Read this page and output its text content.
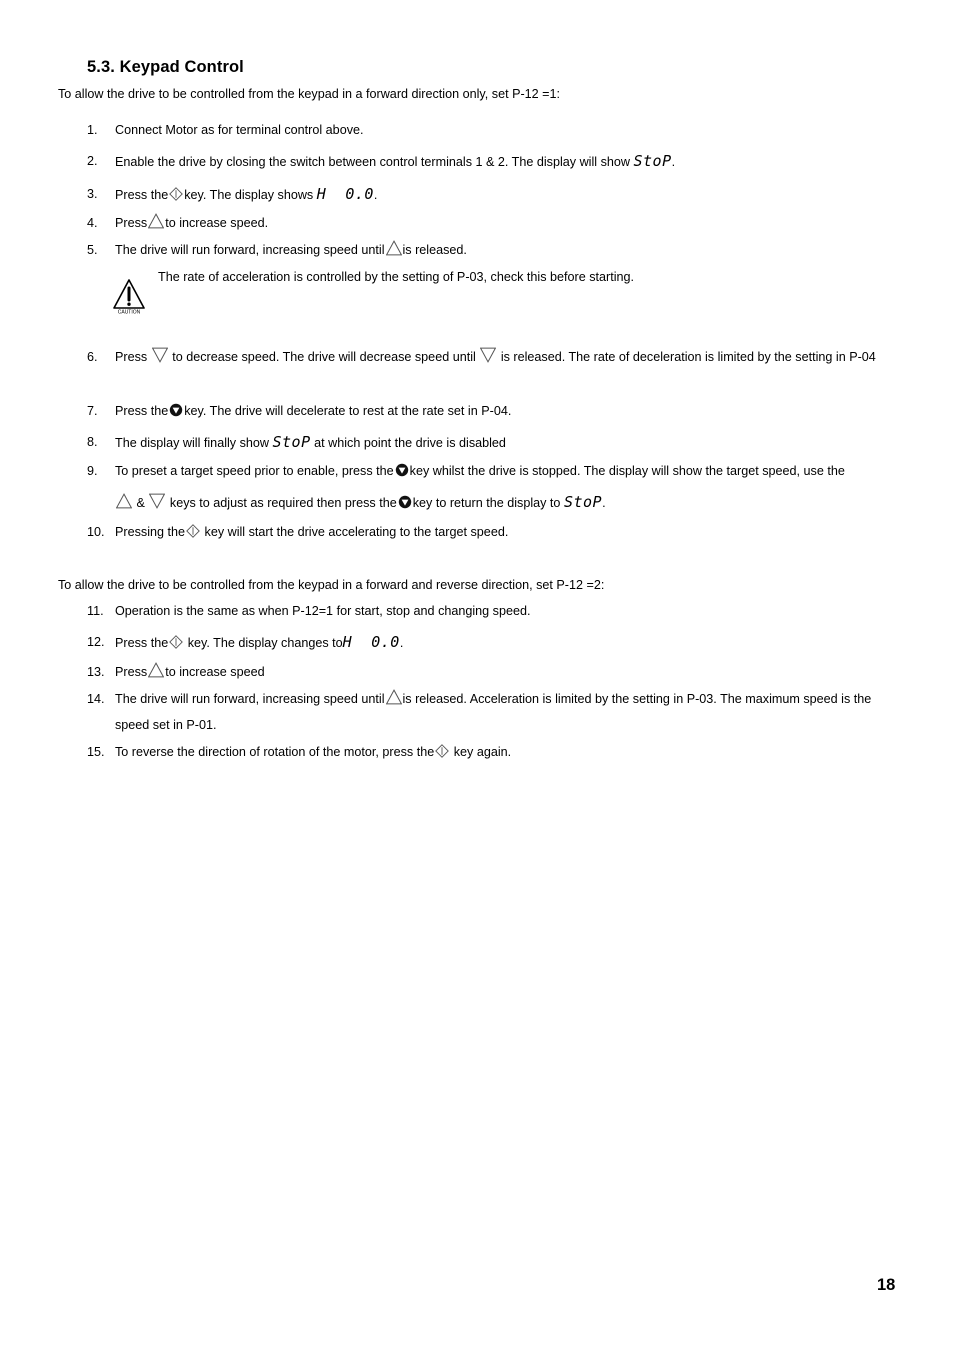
5.3. Keypad Control
To allow the drive to be controlled from the keypad in a forward direction only, set P-12 =1:
1. Connect Motor as for terminal control above.
2. Enable the drive by closing the switch between control terminals 1 & 2. The display will show StoP.
3. Press the key. The display shows H 0.0.
4. Press to increase speed.
5. The drive will run forward, increasing speed until is released.
CAUTION
The rate of acceleration is controlled by the setting of P-03, check this before starting.
6. Press to decrease speed. The drive will decrease speed until is released. The rate of deceleration is limited by the setting in P-04
7. Press the key. The drive will decelerate to rest at the rate set in P-04.
8. The display will finally show StoP at which point the drive is disabled
9. To preset a target speed prior to enable, press the key whilst the drive is stopped. The display will show the target speed, use the
& keys to adjust as required then press the key to return the display to StoP.
10. Pressing the key will start the drive accelerating to the target speed.
To allow the drive to be controlled from the keypad in a forward and reverse direction, set P-12 =2:
11. Operation is the same as when P-12=1 for start, stop and changing speed.
12. Press the key. The display changes toH 0.0.
13. Press to increase speed
14. The drive will run forward, increasing speed until is released. Acceleration is limited by the setting in P-03. The maximum speed is the speed set in P-01.
15. To reverse the direction of rotation of the motor, press the key again.
18
